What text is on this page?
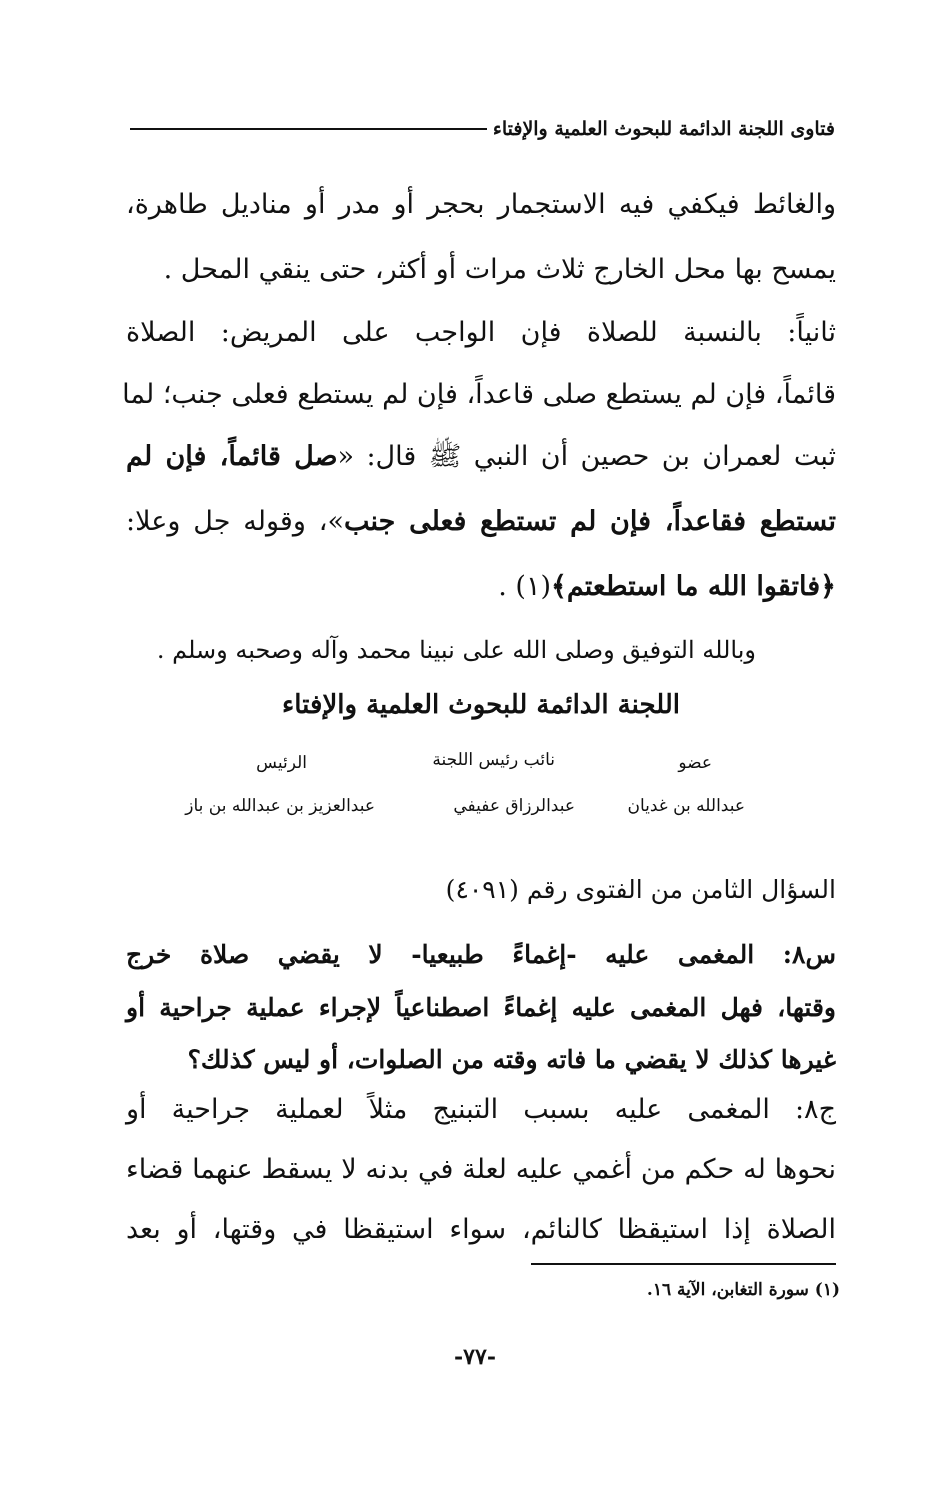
فتاوى اللجنة الدائمة للبحوث العلمية والإفتاء
والغائط فيكفي فيه الاستجمار بحجر أو مدر أو مناديل طاهرة،
يمسح بها محل الخارج ثلاث مرات أو أكثر، حتى ينقي المحل .
ثانياً: بالنسبة للصلاة فإن الواجب على المريض: الصلاة
قائماً، فإن لم يستطع صلى قاعداً، فإن لم يستطع فعلى جنب؛ لما
ثبت لعمران بن حصين أن النبي ﷺ قال: «صل قائماً، فإن لم
تستطع فقاعداً، فإن لم تستطع فعلى جنب»، وقوله جل وعلا:
﴿فاتقوا الله ما استطعتم﴾(١) .
وبالله التوفيق وصلى الله على نبينا محمد وآله وصحبه وسلم .
اللجنة الدائمة للبحوث العلمية والإفتاء
عضو
نائب رئيس اللجنة
الرئيس
عبدالله بن غديان
عبدالرزاق عفيفي
عبدالعزيز بن عبدالله بن باز
السؤال الثامن من الفتوى رقم (٤٠٩١)
س٨: المغمى عليه -إغماءً طبيعيا- لا يقضي صلاة خرج
وقتها، فهل المغمى عليه إغماءً اصطناعياً لإجراء عملية جراحية أو
غيرها كذلك لا يقضي ما فاته وقته من الصلوات، أو ليس كذلك؟
ج٨: المغمى عليه بسبب التبنيج مثلاً لعملية جراحية أو
نحوها له حكم من أغمي عليه لعلة في بدنه لا يسقط عنهما قضاء
الصلاة إذا استيقظا كالنائم، سواء استيقظا في وقتها، أو بعد
(١) سورة التغابن، الآية ١٦.
-٧٧-
